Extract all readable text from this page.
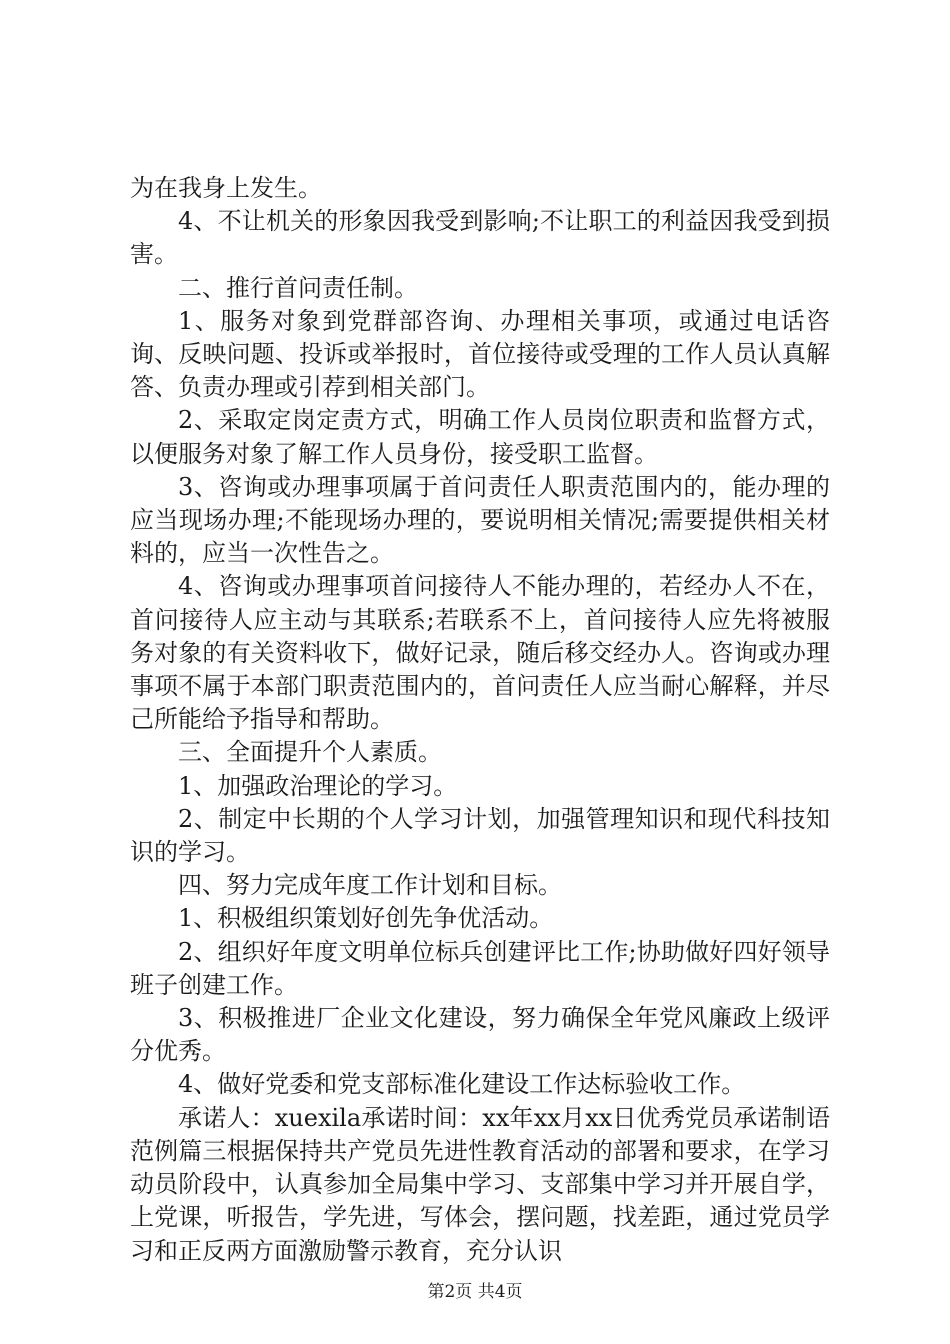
为在我身上发生。

4、不让机关的形象因我受到影响;不让职工的利益因我受到损害。

二、推行首问责任制。

1、服务对象到党群部咨询、办理相关事项，或通过电话咨询、反映问题、投诉或举报时，首位接待或受理的工作人员认真解答、负责办理或引荐到相关部门。

2、采取定岗定责方式，明确工作人员岗位职责和监督方式，以便服务对象了解工作人员身份，接受职工监督。

3、咨询或办理事项属于首问责任人职责范围内的，能办理的应当现场办理;不能现场办理的，要说明相关情况;需要提供相关材料的，应当一次性告之。

4、咨询或办理事项首问接待人不能办理的，若经办人不在，首问接待人应主动与其联系;若联系不上，首问接待人应先将被服务对象的有关资料收下，做好记录，随后移交经办人。咨询或办理事项不属于本部门职责范围内的，首问责任人应当耐心解释，并尽己所能给予指导和帮助。

三、全面提升个人素质。

1、加强政治理论的学习。

2、制定中长期的个人学习计划，加强管理知识和现代科技知识的学习。

四、努力完成年度工作计划和目标。

1、积极组织策划好创先争优活动。

2、组织好年度文明单位标兵创建评比工作;协助做好四好领导班子创建工作。

3、积极推进厂企业文化建设，努力确保全年党风廉政上级评分优秀。

4、做好党委和党支部标准化建设工作达标验收工作。

承诺人：xuexila承诺时间：xx年xx月xx日优秀党员承诺制语范例篇三根据保持共产党员先进性教育活动的部署和要求，在学习动员阶段中，认真参加全局集中学习、支部集中学习并开展自学，上党课，听报告，学先进，写体会，摆问题，找差距，通过党员学习和正反两方面激励警示教育，充分认识

第2页 共4页
